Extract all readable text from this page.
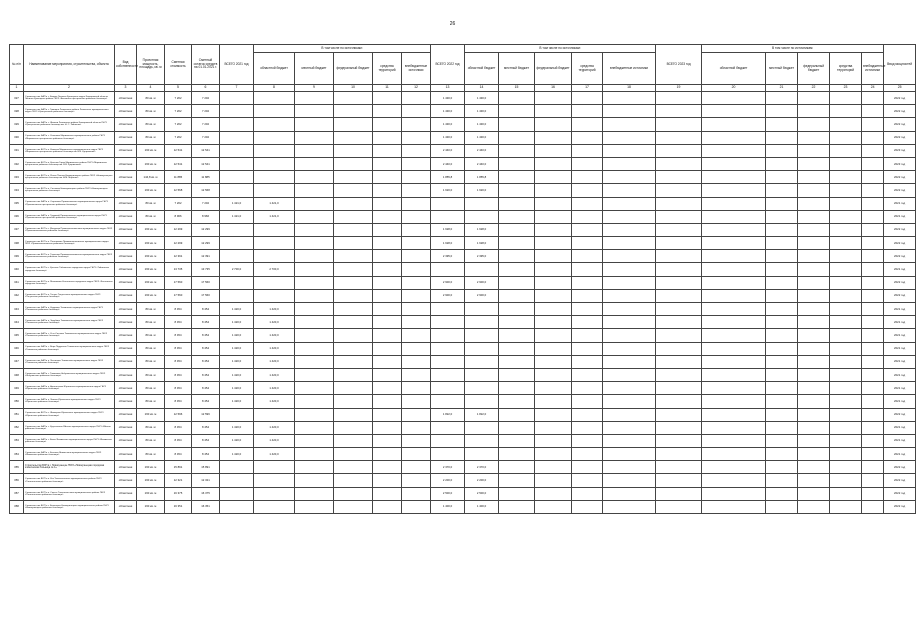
26
№ п/п	Наименование мероприятия, строительства, объекта	Вид собственности	Проектная мощность, площадь, кв. м	Сметная стоимость	Сметный остаток средств на 01.01.2021 г.	ВСЕГО 2021 год	В том числе по источникам:					ВСЕГО 2022 год	В том числе по источникам:					ВСЕГО 2023 год	В том числе по источникам:					Ввод мощностей
							областной бюджет	местный бюджет	федеральный бюджет	средства территорий	внебюджетные источники		областной бюджет	местный бюджет	федеральный бюджет	средства территорий	внебюджетные источники		областной бюджет	местный бюджет	федеральный бюджет	средства территорий	внебюджетные источники	
1	2	3	4	5	6	7	8	9	10	11	12	13	14	15	16	17	18	19	20	21	22	23	24	25
327	Строительство ФАП в с. Бомаш Ленинск-Кузнецкого округа Кемеровской области Ленинск-Кузнецкого района ГБУЗ «Беловская центральная районная больница»	областная	80 кв. м	7 202	7 202							1 430,0	1 430,0											2022 год
328	Строительство ФАП в с. Гришино Ленинского района Ленинского муниципального округа ГБУЗ «Центральная районная больница»	областная	80 кв. м	7 202	7 202							1 430,0	1 430,0											2022 год
329	Строительство ФАП в с. Шевели Ленинского района Кемеровской области ГБУЗ «Центральная районная больница им. Н. С. Зайченко»	областная	80 кв. м	7 202	7 202							1 430,0	1 430,0											2022 год
330	Строительство ФАП в с. Усманово Мариинского муниципального района ГБУЗ «Мариинская центральная районная больница»	областная	80 кв. м	7 202	7 202							1 430,0	1 430,0											2022 год
331	Строительство ВОП в п. Каменка Мариинского муниципального округа ГБУЗ «Мариинская центральная районная больница им. В.В. Куприянова»	областная	160 кв. м	12 541	12 541							2 440,0	2 440,0											2023 год
332	Строительство ВОП в п. Красная Горка Мариинского района ГБУЗ «Мариинская центральная районная больница им. В.В. Куприянова»	областная	160 кв. м	12 541	12 541							2 440,0	2 440,0											2023 год
333	Строительство ВОП в п. Ясная Поляна Новокузнецкого района ГБУЗ «Новокузнецкая центральная районная больница им. А.М. Маркова»	областная	144,8 кв. м	11 885	11 885							1 855,8	1 855,8											2022 год
334	Строительство ВОП в п. Сосновка Новокузнецкого района ГБУЗ «Новокузнецкая центральная районная больница»	областная	160 кв. м	12 568	12 568							1 620,0	1 620,0											2022 год
335	Строительство ФАП в п. Сергеевка Прокопьевского муниципального округа ГБУЗ «Прокопьевская центральная районная больница»	областная	80 кв. м	7 202	7 202	1 421,0	1 421,0																	2021 год
336	Строительство ФАП в п. Трудовой Прокопьевского муниципального округа ГБУЗ «Прокопьевская центральная районная больница»	областная	80 кв. м	8 966	8 966	1 421,0	1 421,0																	2021 год
337	Строительство ВОП в с. Мазурово Промышленновского муниципального округа ГБУЗ «Промышленновская районная больница»	областная	160 кв. м	12 299	12 299							1 628,0	1 628,0											2022 год
338	Строительство ВОП в п. Плотниково Промышленновского муниципального округа ГБУЗ «Промышленновская районная больница»	областная	160 кв. м	12 299	12 299							1 628,0	1 628,0											2022 год
339	Строительство ВОП в п. Тарасово Промышленновского муниципального округа ГБУЗ «Промышленновская районная больница»	областная	160 кв. м	12 391	12 391							2 395,0	2 395,0											2022 год
340	Строительство ВОП в с. Красное Тайгинского городского округа ГБУЗ «Тайгинская городская больница»	областная	160 кв. м	13 735	13 735	2 700,0	2 700,0																	2021 год
341	Строительство ВОП в п. Малиновка Калтанского городского округа ГБУЗ «Калтанская городская больница»	областная	160 кв. м	17 560	17 560							2 900,0	2 900,0											2022 год
342	Строительство ВОП в п. Тисуль Тисульского муниципального округа ГБУЗ «Тисульская районная больница»	областная	160 кв. м	17 560	17 560							2 900,0	2 900,0											2022 год
343	Строительство ФАП в п. Кедровка Топкинского муниципального округа ГБУЗ «Топкинская районная больница»	областная	80 кв. м	8 454	8 454	1 420,0	1 420,0																	2021 год
344	Строительство ФАП в п. Зарубино Топкинского муниципального округа ГБУЗ «Топкинская районная больница»	областная	80 кв. м	8 454	8 454	1 420,0	1 420,0																	2021 год
345	Строительство ФАП в с. Усть-Сосново Топкинского муниципального округа ГБУЗ «Топкинская районная больница»	областная	80 кв. м	8 454	8 454	1 420,0	1 420,0																	2021 год
346	Строительство ФАП в с. Верх-Падунское Тяжинского муниципального округа ГБУЗ «Тяжинская районная больница»	областная	80 кв. м	8 454	8 454	1 420,0	1 420,0																	2021 год
347	Строительство ФАП в п. Листвянка Тяжинского муниципального округа ГБУЗ «Тяжинская районная больница»	областная	80 кв. м	8 454	8 454	1 420,0	1 420,0																	2021 год
348	Строительство ФАП в с. Тюменево Чебулинского муниципального округа ГБУЗ «Чебулинская районная больница»	областная	80 кв. м	8 454	8 454	1 420,0	1 420,0																	2021 год
349	Строительство ФАП в п. Арсентьевка Юргинского муниципального округа ГБУЗ «Юргинская районная больница»	областная	80 кв. м	8 454	8 454	1 420,0	1 420,0																	2021 год
350	Строительство ФАП в п. Линево Юргинского муниципального округа ГБУЗ «Юргинская районная больница»	областная	80 кв. м	8 454	8 454	1 420,0	1 420,0																	2021 год
351	Строительство ВОП в с. Шипицино Юргинского муниципального округа ГБУЗ «Юргинская районная больница»	областная	160 кв. м	12 596	12 596							1 822,0	1 822,0											2022 год
352	Строительство ФАП в с. Кругленькое Яйского муниципального округа ГБУЗ «Яйская районная больница»	областная	80 кв. м	8 454	8 454	1 420,0	1 420,0																	2021 год
353	Строительство ФАП в с. Бекет Яшкинского муниципального округа ГБУЗ «Яшкинская районная больница»	областная	80 кв. м	8 454	8 454	1 420,0	1 420,0																	2021 год
354	Строительство ФАП в с. Ботьево Яшкинского муниципального округа ГБУЗ «Яшкинская районная больница»	областная	80 кв. м	8 454	8 454	1 420,0	1 420,0																	2021 год
355	Строительство ВОП в г. Новокузнецке ГБУЗ «Новокузнецкая городская клиническая больница № 1»	областная	160 кв. м	15 891	15 891							2 370,0	2 370,0											2022 год
356	Строительство ВОП в п. Каз Таштагольского муниципального района ГБУЗ «Таштагольская районная больница»	областная	160 кв. м	12 321	12 321							2 200,0	2 200,0											2022 год
357	Строительство ВОП в п. Спасск Таштагольского муниципального района ГБУЗ «Таштагольская районная больница»	областная	160 кв. м	16 375	16 375							2 500,0	2 500,0											2022 год
358	Строительство ВОП в с. Белогорье Новокузнецкого муниципального района ГБУЗ «Новокузнецкая районная больница»	областная	160 кв. м	16 351	16 351							1 400,0	1 400,0											2022 год
